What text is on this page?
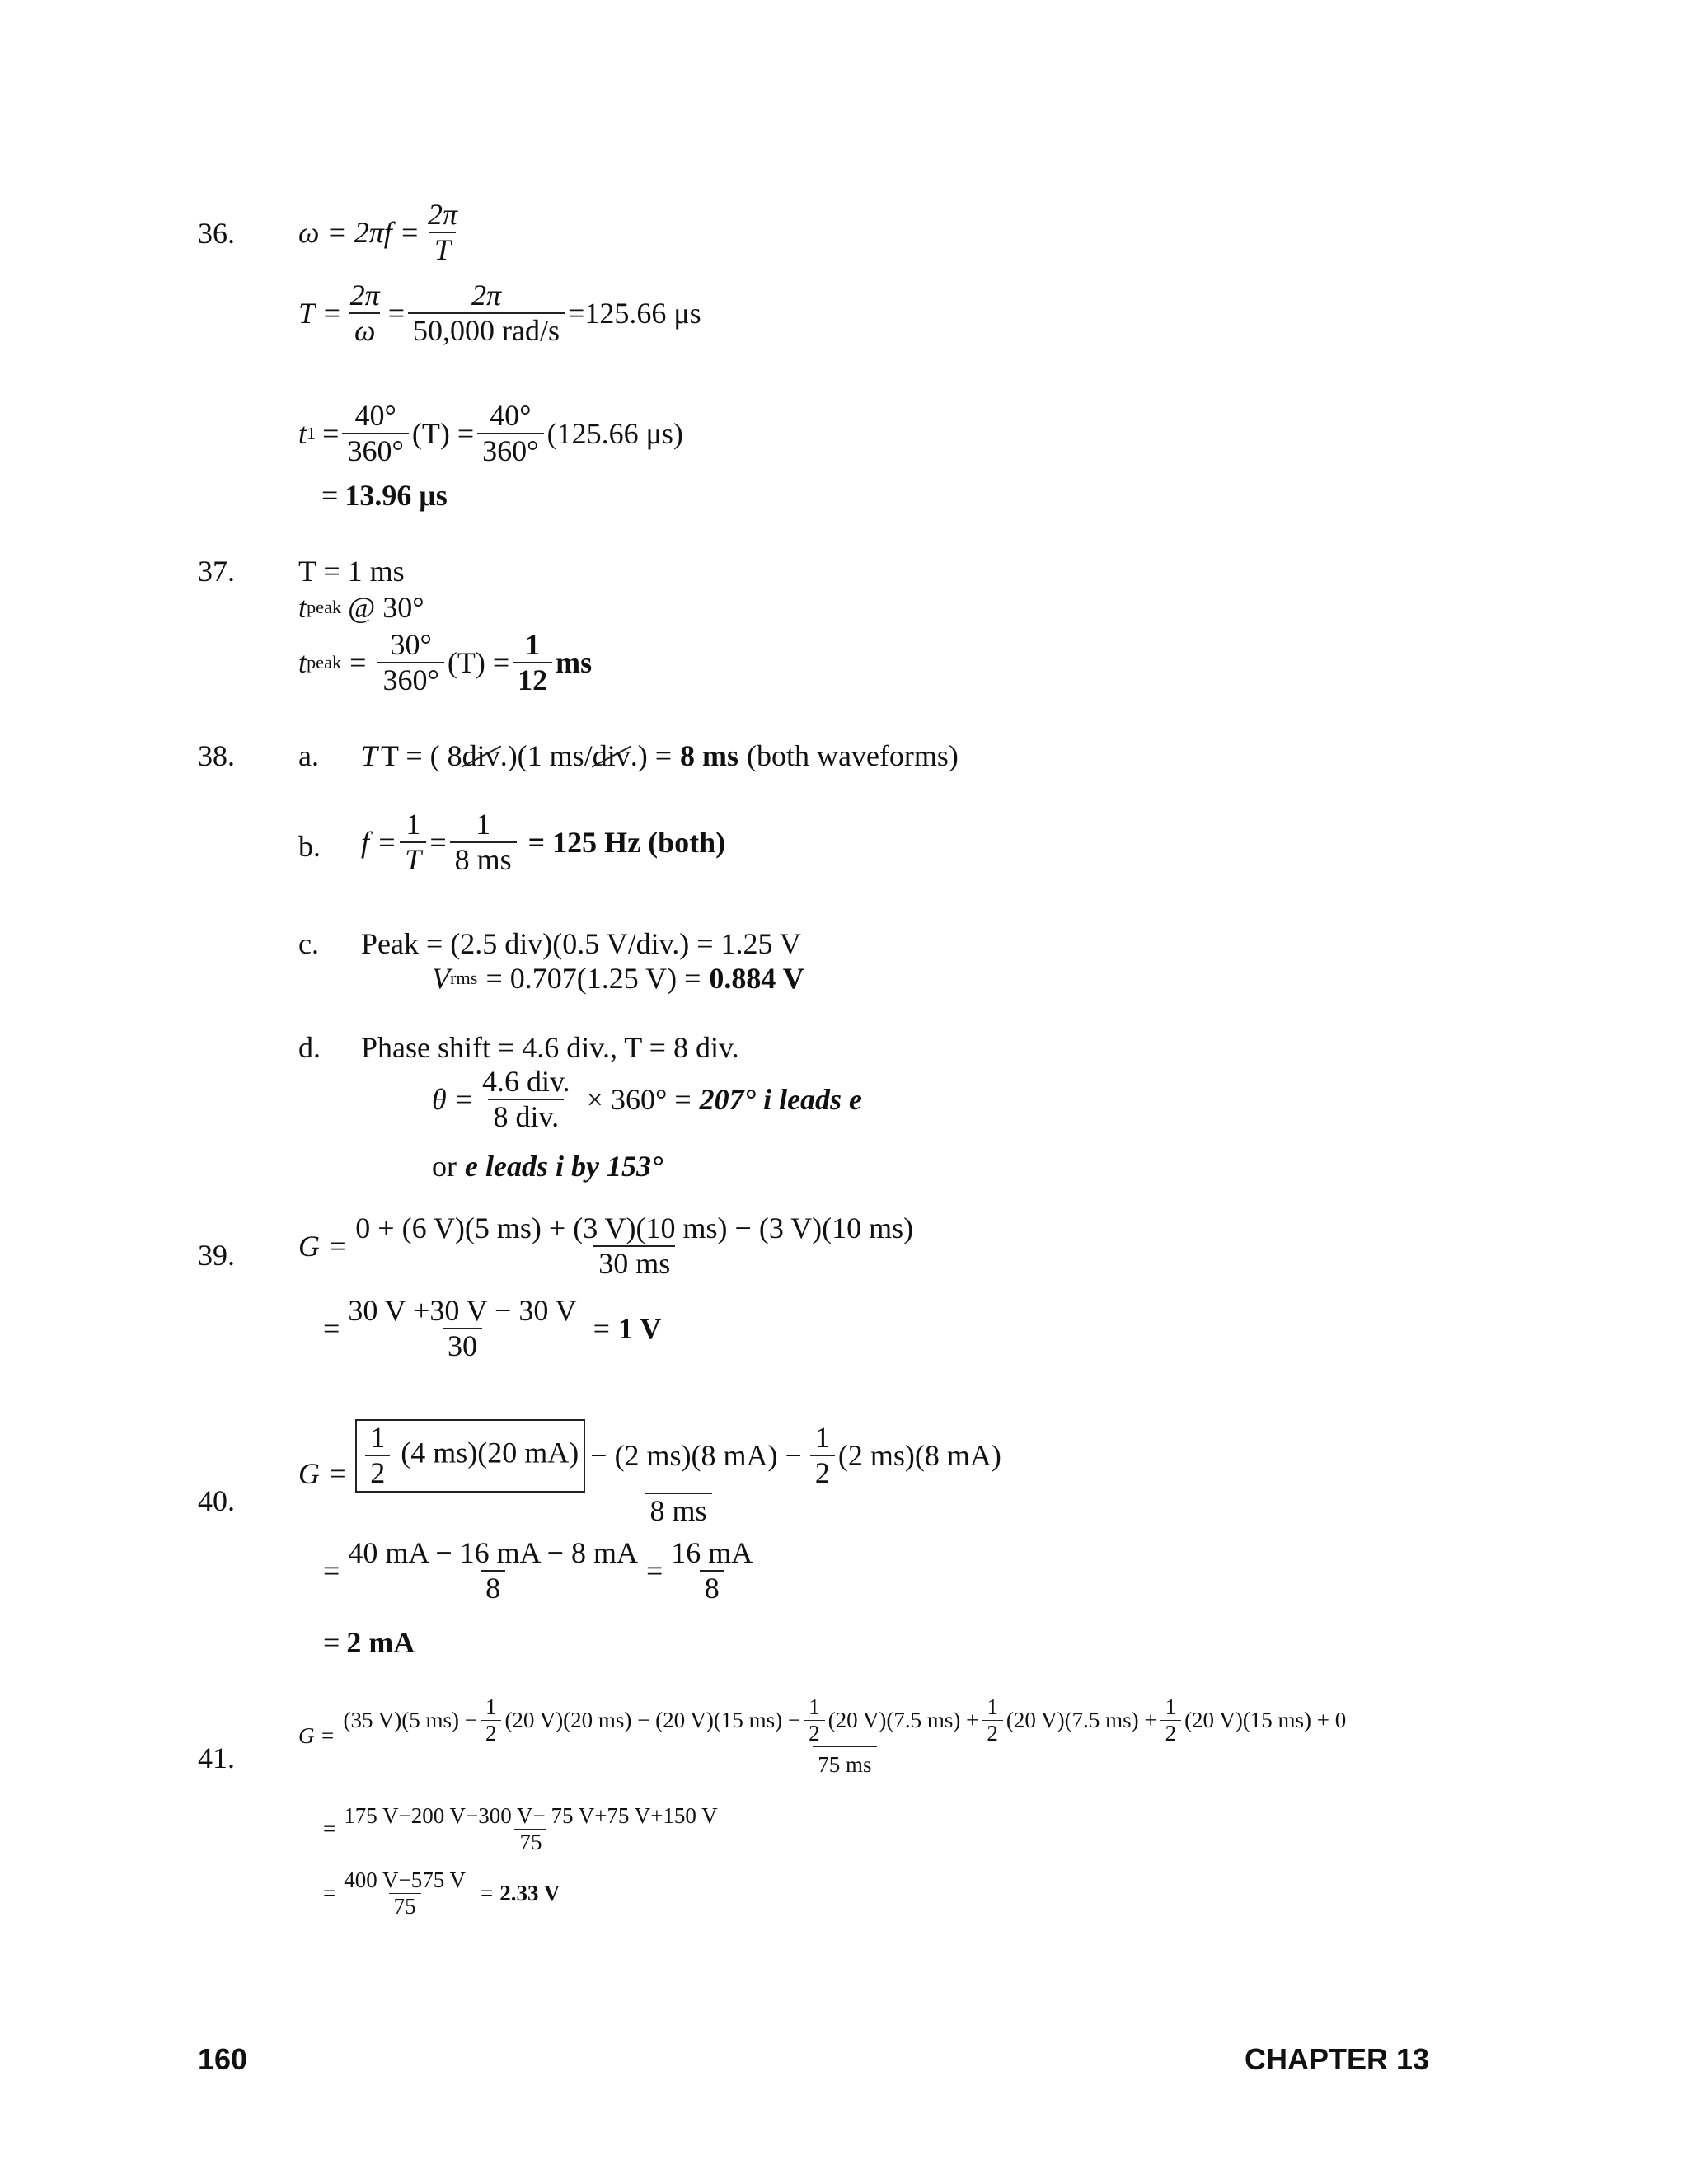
36. $\omega = 2\pi f = \frac{2\pi}{T}$
$T = \frac{2\pi}{\omega} = \frac{2\pi}{\text{50,000 rad/s}} =125.66$ μs
t $1 = \frac{40^\circ}{360^\circ} (T) = \frac{40^\circ}{360^\circ} (125.66$ μs)
= 13.96 μs
37. T = 1 ms
t peak @ 30°
t peak = $\frac{30^\circ}{360^\circ} (T) = \frac{1}{12}$ ms
38. a. T T = ( 8 div .)(1 ms/ div .) = 8 ms (both waveforms)
b. $f = \frac{1}{T} = \frac{1}{8 ms} = 125$ Hz (both)
c. Peak = (2.5 div)(0.5 V/div.) = 1.25 V
V rms = 0.707(1.25 V) = 0.884 V
d. Phase shift = 4.6 div., T = 8 div.
$\theta = \frac{\text{4.6 div.}}{\text{8 div.}} \times 360^\circ = 207^\circ$ i leads e
or e leads i by 153°
39. $G = \frac{0 + (6 V)(5 ms) + (3 V)(10 ms) - (3 V)(10 ms)}{30 ms}$
= $\frac{30 V +30 V - 30 V}{30} = 1$ V
40.
$G = \frac{1}{2} (4$ ms)(20 mA) − (2 ms)(8 $mA) - \frac{1}{2} (2$ ms)(8 mA)
8 ms
= $\frac{40 mA - 16 mA - 8 mA}{8} = \frac{16 mA}{8}$
= 2 mA
41.
G =
(35 V)(5 $ms) - \frac{1}{2} (20$ V)(20 ms) − (20 V)(15 $ms) - \frac{1}{2} (20$ V)(7.5 $ms) + \frac{1}{2} (20$ V)(7.5 $ms) + \frac{1}{2} (20$ V)(15 ms) + 0
75 ms
= $\frac{175 V-200 V-300 V- 75 V+75 V+150 V}{75}$
= $\frac{400 V-575 V}{75} = 2.33$ V
160	CHAPTER 13
